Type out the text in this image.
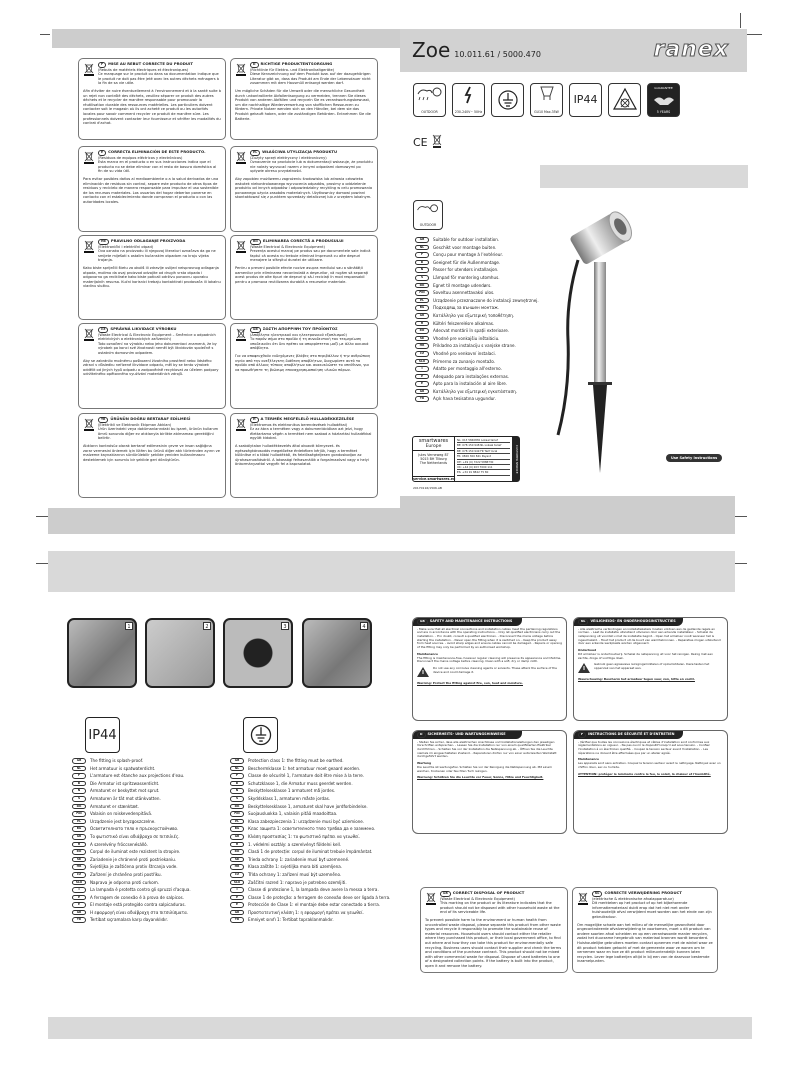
Zoe 10.011.61 / 5000.470	ranex
F MISE AU REBUT CORRECTE DU PRODUIT
(Rebuts de matériels électriques et électroniques)
Ce marquage sur le produit ou dans sa documentation indique que le produit ne doit pas être jeté avec les autres déchets ménagers à la fin de sa vie utile.

Afin d'éviter de nuire éventuellement à l'environnement et à la santé suite à un rejet non contrôlé des déchets, veuillez séparer ce produit des autres déchets et le recycler de manière responsable pour promouvoir la réutilisation durable des ressources matérielles. Les particuliers doivent contacter soit le magasin où ils ont acheté ce produit ou les autorités locales pour savoir comment recycler ce produit de manière sûre. Les professionnels doivent contacter leur fournisseur et vérifier les modalités du contrat d'achat.

D RICHTIGE PRODUKTENTSORGUNG
(Richtlinie für Elektro- und Elektronikaltgeräte)
Diese Kennzeichnung auf dem Produkt bzw. auf der dazugehörigen Literatur gibt an, dass das Produkt am Ende der Lebensdauer nicht zusammen mit dem Hausmüll entsorgt werden darf.

Um mögliche Schäden für die Umwelt oder die menschliche Gesundheit durch unkontrollierte Abfallentsorgung zu vermeiden, trennen Sie dieses Produkt von anderen Abfällen und recyceln Sie es verantwortungsbewusst, um die nachhaltige Wiederverwertung von stofflichen Ressourcen zu fördern. Private Nutzer wenden sich an den Händler, bei dem sie das Produkt gekauft haben, oder die zuständigen Behörden. Entnehmen Sie die Batterie.

E CORRECTA ELIMINACIÓN DE ESTE PRODUCTO.
(Residuos de equipos eléctricos y electrónicos)
Esta marca en el producto o en sus instrucciones indica que el producto no se debe eliminar con el resto de basura doméstica al fin de su vida útil.

Para evitar posibles daños al medioambiente o a la salud derivados de una eliminación de residuos sin control, separe este producto de otros tipos de residuos y recíclelo de manera responsable para impulsar el uso sostenible de los recursos materiales. Los usuarios del hogar deberían ponerse en contacto con el establecimiento donde compraron el producto o con las autoridades locales.

PL WŁAŚCIWA UTYLIZACJA PRODUKTU
(Zużyty sprzęt elektryczny i elektroniczny)
Oznaczenie na produkcie lub w dokumentacji wskazuje, że produktu nie należy wyrzucać razem z innymi odpadami domowymi po upływie okresu przydatności.

Aby zapobiec możliwemu zagrożeniu środowiska lub zdrowia człowieka wskutek niekontrolowanego wyrzucenia odpadów, prosimy o oddzielenie produktu od innych odpadów i odpowiedzialny recykling w celu promowania ponownego użycia zasobów materialnych. Użytkownicy domowi powinni skontaktować się z punktem sprzedaży detalicznej lub z urzędem lokalnym.

HR PRAVILNO ODLAGANJE PROIZVODA
(Elektronički i električni otpad)
Ova oznaka na proizvodu ili njegovoj literaturi označava da ga ne smijete miješati s ostalim kućanskim otpadom na kraju vijeka trajanja.

Kako biste spriječili štetu za okoliš ili zdravlje uslijed neispravnog odlaganja otpada, molimo da ovaj proizvod odvojite od drugih vrsta otpada i odgovorno ga reciklirate kako biste poticali održivu ponovnu uporabu materijalnih resursa. Kućni korisnici trebaju kontaktirati prodavača ili lokalnu vladinu službu.

RO ELIMINAREA CORECTĂ A PRODUSULUI
(Waste Electrical & Electronic Equipment)
Prezența acestui marcaj pe produs sau pe documentele sale indică faptul că acesta nu trebuie eliminat împreună cu alte deșeuri menajere la sfârșitul duratei de utilizare.

Pentru a preveni posibile efecte nocive asupra mediului sau a sănătății oamenilor prin eliminarea necontrolată a deșeurilor, vă rugăm să separați acest produs de alte tipuri de deșeuri și să-l reciclați în mod responsabil pentru a promova reutilizarea durabilă a resurselor materiale.

CZ SPRÁVNÁ LIKVIDACE VÝROBKU
(Waste Electrical & Electronic Equipment – Směrnice o odpadních elektrických a elektronických zařízeních)
Toto označení na výrobku nebo jeho dokumentaci znamená, že by výrobek po konci své životnosti neměl být likvidován společně s ostatním domovním odpadem.

Aby se zabránilo možnému poškození životního prostředí nebo lidského zdraví v důsledku neřízené likvidace odpadu, měl by se tento výrobek oddělit od jiných typů odpadu a zodpovědně recyklovat za účelem podpory udržitelného opětovného využívání materiálních zdrojů.

GR ΣΩΣΤΗ ΑΠΟΡΡΙΨΗ ΤΟΥ ΠΡΟΪΟΝΤΟΣ
(Απόβλητα ηλεκτρικού και ηλεκτρονικού εξοπλισμού)
Το παρόν σήμα στο προϊόν ή τη συνοδευτική του τεκμηρίωση υποδεικνύει ότι δεν πρέπει να απορρίπτεται μαζί με άλλα οικιακά απόβλητα.

Για να αποφευχθούν ενδεχόμενες βλάβες στο περιβάλλον ή την ανθρώπινη υγεία από την ανεξέλεγκτη διάθεση αποβλήτων, διαχωρίστε αυτό το προϊόν από άλλους τύπους αποβλήτων και ανακυκλώστε το υπεύθυνα, για να προωθήσετε τη βιώσιμη επαναχρησιμοποίηση υλικών πόρων.

TR ÜRÜNÜN DOĞRU BERTARAF EDİLMESİ
(Elektrikli ve Elektronik Ekipman Atıkları)
Ürün üzerindeki veya dokümanlarındaki bu işaret, ürünün kullanım ömrü sonunda diğer ev atıklarıyla birlikte atılmaması gerektiğini belirtir.

Atıkların kontrolsüz olarak bertaraf edilmesinin çevre ve insan sağlığına zarar vermesini önlemek için lütfen bu ürünü diğer atık türlerinden ayırın ve malzeme kaynaklarının sürdürülebilir şekilde yeniden kullanılmasını desteklemek için sorumlu bir şekilde geri dönüştürün.

H A TERMÉK MEGFELELŐ HULLADÉKKEZELÉSE
(Elektromos és elektronikus berendezések hulladékai)
Ez az ábra a terméken vagy a dokumentációban azt jelzi, hogy élettartama végén a terméket nem szabad a háztartási hulladékkal együtt kidobni.

A szabálytalan hulladékkezelés által okozott környezet- és egészségkárosodás megelőzése érdekében kérjük, hogy a terméket különítse el a többi hulladéktól, és felelősségteljesen gondoskodjon az újrahasznosításáról. A lakossági felhasználók a forgalmazóval vagy a helyi önkormányzattal vegyék fel a kapcsolatot.

OUTDOOR	230-240V~ 50Hz	GU10 Max.35W
IP44
GUARANTEE
5 YEARS
CE
OUTDOOR
GB	Suitable for outdoor installation.
NL	Geschikt voor montage buiten.
F	Conçu pour montage à l'extérieur.
D	Geeignet für die Außenmontage.
N	Passer for utendørs installasjon.
S	Lämpad för montering utomhus.
DK	Egnet til montage udendørs.
FIN	Soveltuu asennettavaksi ulos.
PL	Urządzenie przeznaczone do instalacji zewnętrznej.
BG	Подходящ за външен монтаж.
GR	Κατάλληλο για εξωτερική τοποθέτηση.
H	Kültéri felszerelésre alkalmas.
RO	Adecvat montării în spații exterioare.
SK	Vhodné pre vonkajšiu inštaláciu.
HR	Prikladno za instalaciju s vanjske strane.
CZ	Vhodné pro venkovní instalaci.
SLO	Primerno za zunanjo montažo.
I	Adatto per montaggio all'esterno.
P	Adequado para instalações externas.
E	Apto para la instalación al aire libre.
GR	Κατάλληλο για εξωτερική εγκατάσταση.
TR	Açık hava tesisatına uygundur.
Use Safety Instructions
smartwares
Europe
Jules Verneweg 87
5015 BH Tilburg
The Netherlands
service.smartwares.eu
NL: 013 5840830 Lokaal tarief
BE: 078 150 948 NL Lokaal tarief
BE: 078 150 949 FR Tarif local
FR: 0826 300 841 Payant
DE: +49 (0) 7222 5888730
UK: +44 (0) 203 7000 111
ES: +34 91 8842 75 80	CUSTOMER SERVICE
20170116/1506.AB
1	2	3	4
IP44
GB	The fitting is splash-proof.
NL	Het armatuur is spatwaterdicht.
F	L'armature est étanche aux projections d'eau.
D	Die Armatur ist spritzwasserdicht.
N	Armaturet er beskyttet mot sprut.
S	Armaturen är tät mot stänkvatten.
DK	Armaturet er stænktæt.
FIN	Valaisin on roiskevedenpitävä.
PL	Urządzenie jest bryzgoszczelne.
BG	Осветителното тяло е пръскоустойчиво.
GR	Το φωτιστικό είναι αδιάβροχο σε πιτσιλιές.
H	A szerelvény fröccsenésálló.
RO	Corpul de iluminat este rezistent la stropire.
SK	Zariadenie je chránené proti postriekaniu.
HR	Svjetiljka je zaštićena protiv štrcanja vode.
CZ	Zařízení je chráněno proti postřiku.
SLO	Naprava je odporna proti curkom.
I	La lampada è protetta contro gli spruzzi d'acqua.
P	A ferragem de conexão é à prova de salpicos.
E	El montaje está protegido contra salpicaduras.
GR	Η εφαρμογή είναι αδιάβροχη στα πιτσιλίσματα.
TR	Tertibat sıçramalara karşı dayanıklıdır.
GB	Protection class 1: the fitting must be earthed.
NL	Beschermklasse 1: het armatuur moet geaard worden.
F	Classe de sécurité 1, l'armature doit être mise à la terre.
D	Schutzklasse 1, die Armatur muss geerdet werden.
N	Beskyttelsesklasse 1 armaturet må jordes.
S	Skyddsklass 1, armaturen måste jordas.
DK	Beskyttelsesklasse 1, armaturet skal have jordforbindelse.
FIN	Suojausluokka 1, valaisin pitää maadoittaa.
PL	Klasa zabezpieczenia 1: urządzenie musi być uziemione.
BG	Клас защита 1: осветителното тяло трябва да е заземено.
GR	Κλάση προστασίας 1: το φωτιστικό πρέπει να γειωθεί.
H	1. védelmi osztály: a szerelvényt földelni kell.
RO	Clasă 1 de protecție: corpul de iluminat trebuie împământat.
SK	Trieda ochrany 1: zariadenie musí byť uzemnené.
HR	Klasa zaštite 1: svjetiljka mora biti uzemljena.
CZ	Třída ochrany 1: zařízení musí být uzemněno.
SLO	Zaščitni razred 1: napravo je potrebno ozemljiti.
I	Classe di protezione 1, la lampada deve avere la messa a terra.
P	Classe 1 de proteção: a ferragem de conexão deve ser ligada à terra.
E	Protección de Clase 1: el montaje debe estar conectado a tierra.
GR	Προστατευτική κλάση 1: η εφαρμογή πρέπει να γειωθεί.
TR	Emniyet sınıfı 1: Tertibat topraklanmalıdır.
GB SAFETY AND MAINTENANCE INSTRUCTIONS
- Make sure that all electrical connections and installation cables meet the pertaining regulations and are in accordance with the operating instructions. - Only let qualified electricians carry out the installation. - If in doubt, consult a qualified electrician. - Disconnect the mains voltage before starting the installation. - Never open the fitting when it is switched on. - Keep the product away from heat sources. - Avoid sharp edges and ensure cables cannot be damaged. - Repairs or opening of the fitting may only be performed by an authorised workshop.
Maintenance
The fitting is maintenance-free, however regular cleaning will preserve its appearance and lifetime. Disconnect the mains voltage before cleaning. Clean with a soft, dry or damp cloth.
Do not use any corrosive cleaning agents or solvents. These attack the surface of the device and could damage it.
Warning: Protect the fitting against fire, sun, heat and moisture.
NL VEILIGHEIDS- EN ONDERHOUDSINSTRUCTIES
- Alle elektrische verbindingen en installatiekabels moeten voldoen aan de geldende regels en normen. - Laat de installatie uitsluitend uitvoeren door een erkende installateur. - Schakel de netspanning uit voordat u met de installatie begint. - Open het armatuur nooit wanneer het is ingeschakeld. - Houd het product uit de buurt van warmtebronnen. - Reparaties mogen uitsluitend door een erkende werkplaats worden uitgevoerd.
Onderhoud
Dit armatuur is onderhoudsvrij. Schakel de netspanning uit voor het reinigen. Reinig met een zachte, droge of vochtige doek.
Gebruik geen agressieve reinigingsmiddelen of oplosmiddelen. Deze tasten het oppervlak van het apparaat aan.
Waarschuwing: Bescherm het armatuur tegen vuur, zon, hitte en vocht.
D SICHERHEITS- UND WARTUNGSHINWEISE
- Stellen Sie sicher, dass alle elektrischen Anschlüsse und Installationsleitungen den jeweiligen Vorschriften entsprechen. - Lassen Sie die Installation nur von einem qualifizierten Elektriker durchführen. - Schalten Sie vor der Installation die Netzspannung ab. - Öffnen Sie die Leuchte niemals im eingeschalteten Zustand. - Reparaturen dürfen nur von einer autorisierten Werkstatt durchgeführt werden.
Wartung
Die Leuchte ist wartungsfrei. Schalten Sie vor der Reinigung die Netzspannung ab. Mit einem weichen, trockenen oder feuchten Tuch reinigen.
Warnung: Schützen Sie die Leuchte vor Feuer, Sonne, Hitze und Feuchtigkeit.
F INSTRUCTIONS DE SÉCURITÉ ET D'ENTRETIEN
- Vérifiez que toutes les connexions électriques et câbles d'installation sont conformes aux réglementations en vigueur. - Ne pas ouvrir le dispositif lorsqu'il est sous tension. - Confiez l'installation à un électricien qualifié. - Coupez la tension secteur avant l'installation. - Les réparations ne doivent être effectuées que par un atelier agréé.
Maintenance
Les appareils sont sans entretien. Coupez la tension secteur avant le nettoyage. Nettoyez avec un chiffon doux, sec ou humide.
ATTENTION: protéger le luminaire contre le feu, le soleil, la chaleur et l'humidité.
GB CORRECT DISPOSAL OF PRODUCT
(Waste Electrical & Electronic Equipment)
This marking on the product or its literature indicates that the product should not be disposed with other household waste at the end of its serviceable life.

To prevent possible harm to the environment or human health from uncontrolled waste disposal, please separate this product from other waste types and recycle it responsibly to promote the sustainable reuse of material resources. Household users should contact either the retailer where they purchased this product, or their local government office, to find out where and how they can take this product for environmentally safe recycling. Business users should contact their supplier and check the terms and conditions of the purchase contract. This product should not be mixed with other commercial waste for disposal. Dispose of used batteries to one of a designated collection points. If the battery is built into the product, open it and remove the battery.

NL CORRECTE VERWIJDERING PRODUCT
(elektrische & elektronische afvalapparatuur)
Dit merkteken op het product of op het bijbehorende informatiemateriaal duidt erop dat het niet met ander huishoudelijk afval verwijderd moet worden aan het einde van zijn gebruiksduur.

Om mogelijke schade aan het milieu of de menselijke gezondheid door ongecontroleerde afvalverwijdering te voorkomen, moet u dit product van andere soorten afval scheiden en op een verantwoorde manier recyclen, zodat het duurzame hergebruik van materiaal bronnen wordt bevorderd. Huishoudelijke gebruikers moeten contact opnemen met de winkel waar ze dit product hebben gekocht of met de gemeente waar ze wonen om te vernemen waar en hoe ze dit product milieuvriendelijk kunnen laten recyclen. Lever lege batterijen altijd in bij een van de daarvoor bestemde inzamelpunten.
